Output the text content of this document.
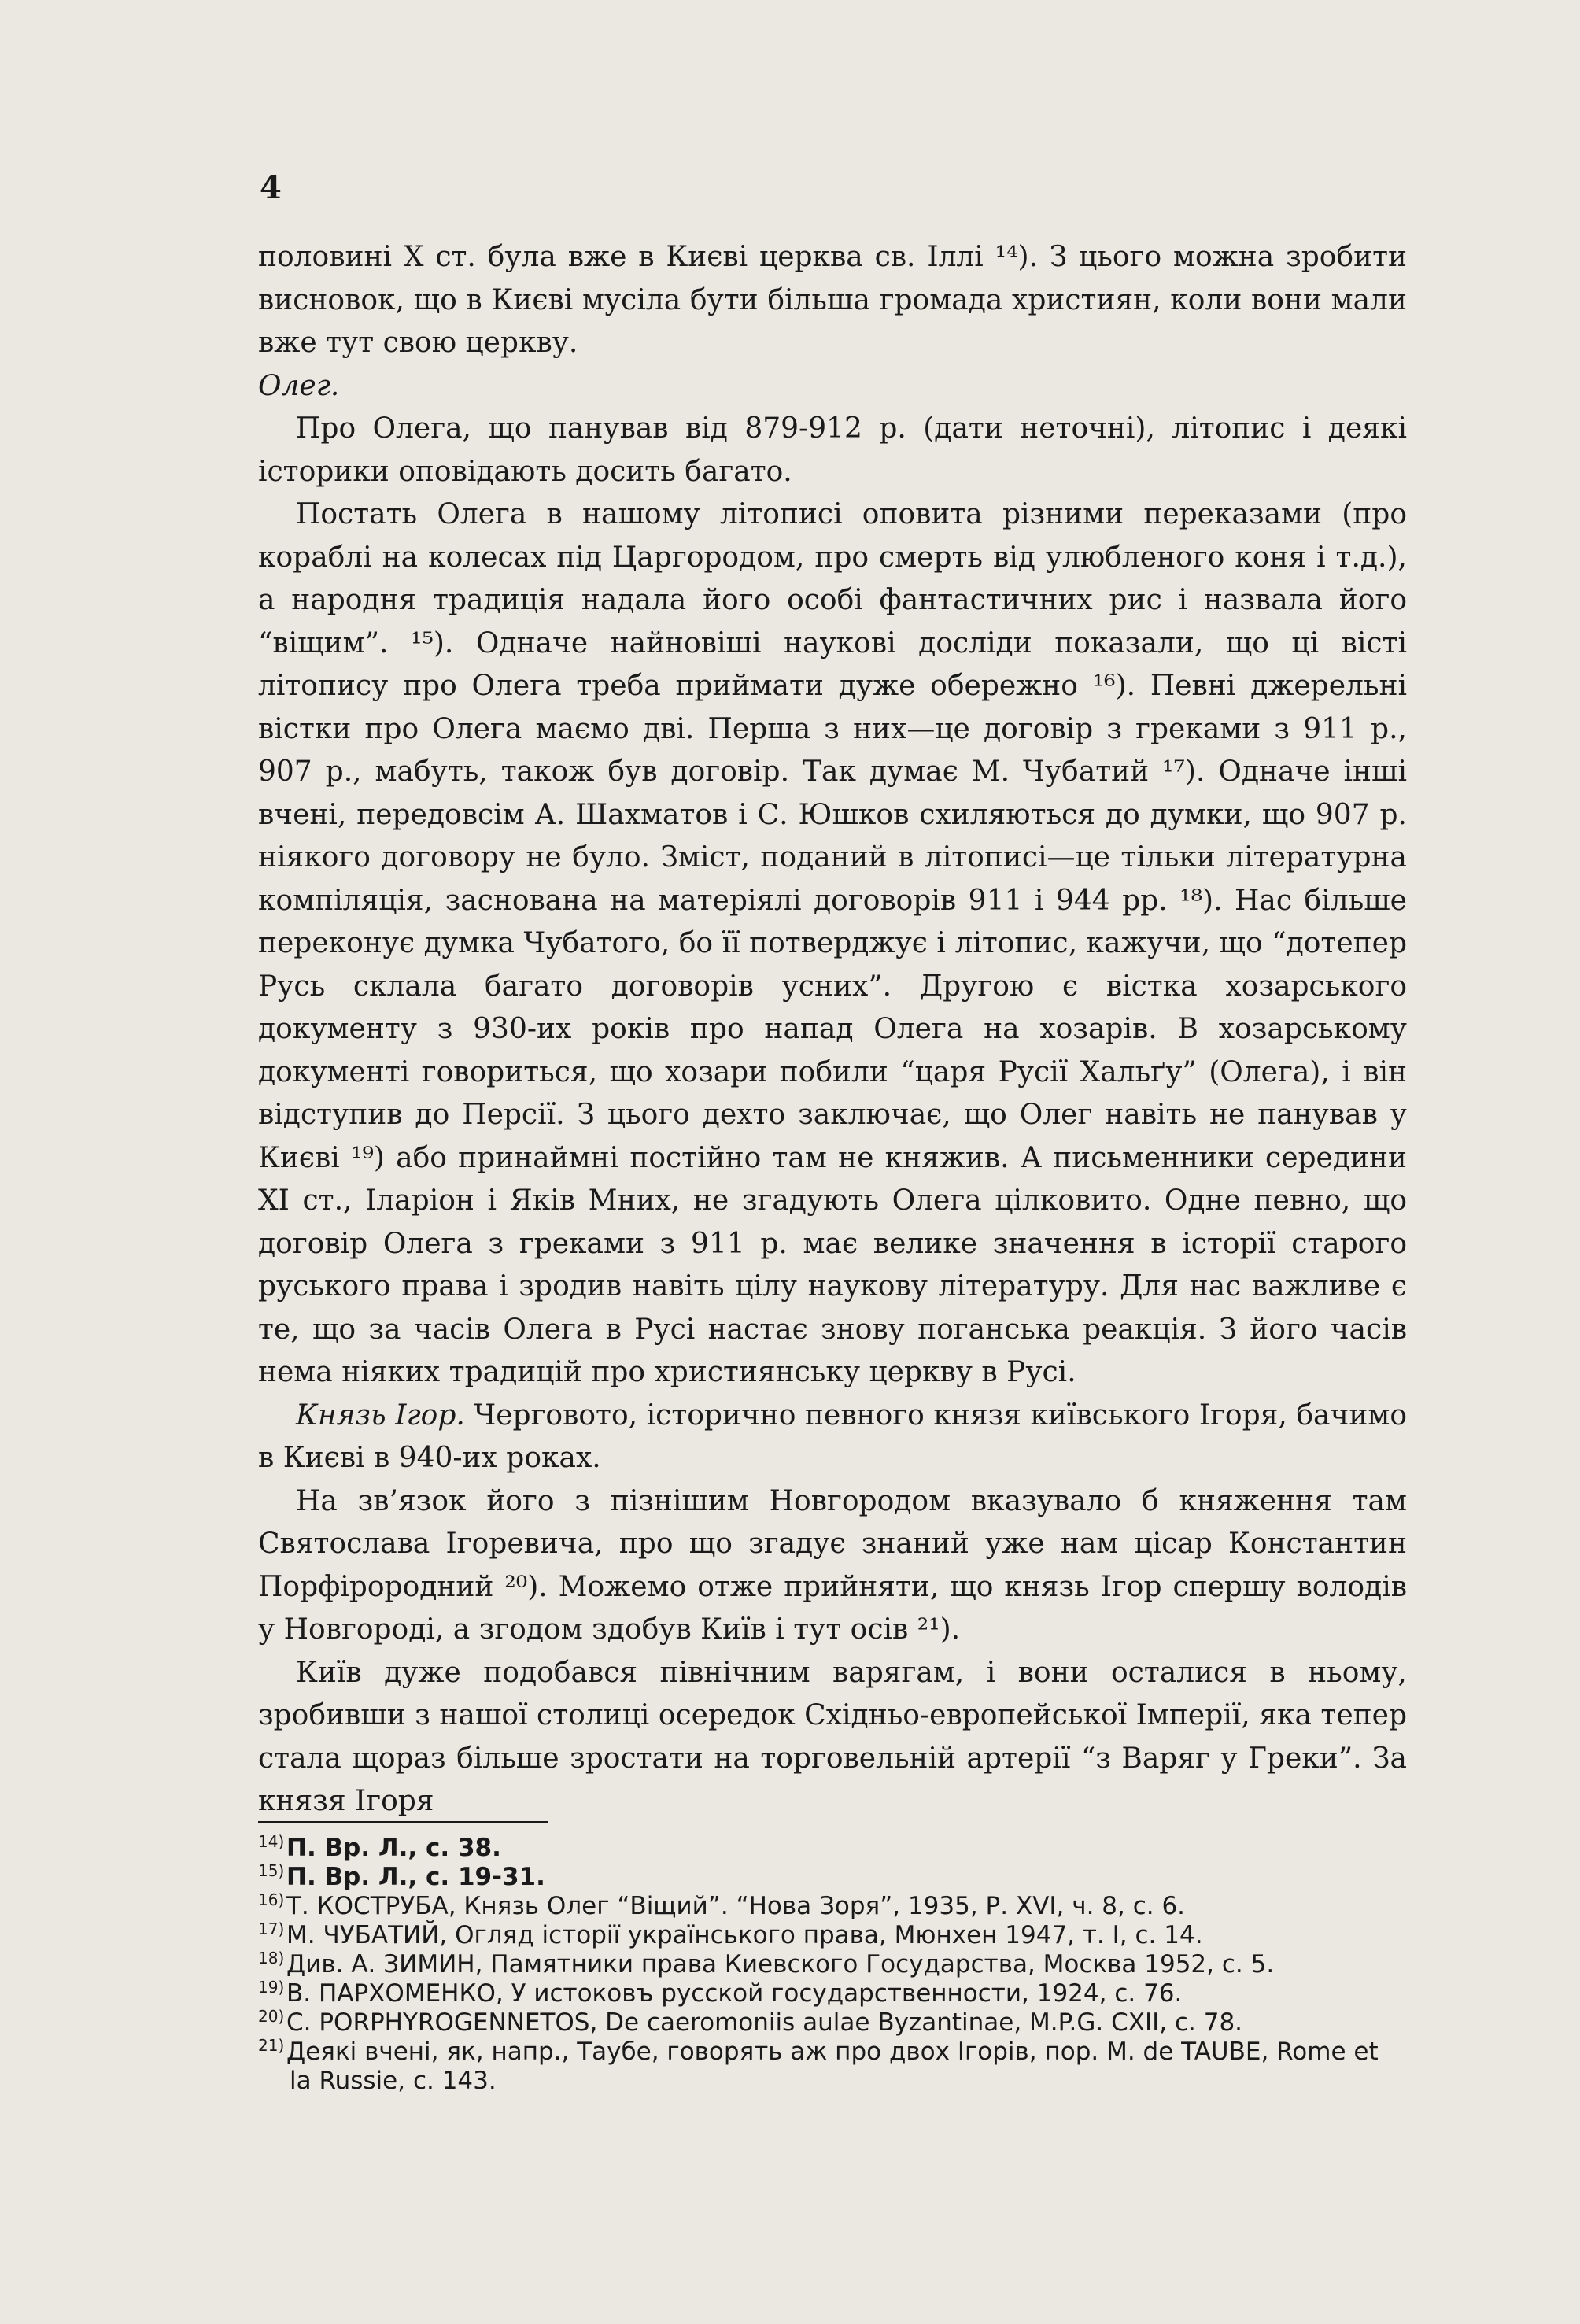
4

половині X ст. була вже в Києві церква св. Іллі ¹⁴). З цього можна зробити висновок, що в Києві мусіла бути більша громада християн, коли вони мали вже тут свою церкву.

Олег.

Про Олега, що панував від 879-912 р. (дати неточні), літопис і деякі історики оповідають досить багато.

Постать Олега в нашому літописі оповита різними переказами (про кораблі на колесах під Царгородом, про смерть від улюбленого коня і т.д.), а народня традиція надала його особі фантастичних рис і назвала його “віщим”. ¹⁵). Одначе найновіші наукові досліди показали, що ці вісті літопису про Олега треба приймати дуже обережно ¹⁶). Певні джерельні вістки про Олега маємо дві. Перша з них—це договір з греками з 911 р., 907 р., мабуть, також був договір. Так думає М. Чубатий ¹⁷). Одначе інші вчені, передовсім А. Шахматов і С. Юшков схиляються до думки, що 907 р. ніякого договору не було. Зміст, поданий в літописі—це тільки літературна компіляція, заснована на матеріялі договорів 911 і 944 рр. ¹⁸). Нас більше переконує думка Чубатого, бо її потверджує і літопис, кажучи, що “дотепер Русь склала багато договорів усних”. Другою є вістка хозарського документу з 930-их років про напад Олега на хозарів. В хозарському документі говориться, що хозари побили “царя Русії Хальґу” (Олега), і він відступив до Персії. З цього дехто заключає, що Олег навіть не панував у Києві ¹⁹) або принаймні постійно там не княжив. А письменники середини XI ст., Іларіон і Яків Мних, не згадують Олега цілковито. Одне певно, що договір Олега з греками з 911 р. має велике значення в історії старого руського права і зродив навіть цілу наукову літературу. Для нас важливе є те, що за часів Олега в Русі настає знову поганська реакція. З його часів нема ніяких традицій про християнську церкву в Русі.

Князь Ігор. Черговото, історично певного князя київського Ігоря, бачимо в Києві в 940-их роках.

На зв’язок його з пізнішим Новгородом вказувало б княження там Святослава Ігоревича, про що згадує знаний уже нам цісар Константин Порфірородний ²⁰). Можемо отже прийняти, що князь Ігор спершу володів у Новгороді, а згодом здобув Київ і тут осів ²¹).

Київ дуже подобався північним варягам, і вони осталися в ньому, зробивши з нашої столиці осередок Східньо-европейської Імперії, яка тепер стала щораз більше зростати на торговельній артерії “з Варяг у Греки”. За князя Ігоря

14)П. Вр. Л., с. 38.

15)П. Вр. Л., с. 19-31.

16)Т. КОСТРУБА, Князь Олег “Віщий”. “Нова Зоря”, 1935, Р. XVI, ч. 8, с. 6.

17)М. ЧУБАТИЙ, Огляд історії українського права, Мюнхен 1947, т. I, с. 14.

18)Див. А. ЗИМИН, Памятники права Киевского Государства, Москва 1952, с. 5.

19)В. ПАРХОМЕНКО, У истоковъ русской государственности, 1924, с. 76.

20)C. PORPHYROGENNETOS, De caeromoniis aulae Byzantinae, M.P.G. CXII, с. 78.

21)Деякі вчені, як, напр., Таубе, говорять аж про двох Ігорів, пор. M. de TAUBE, Rome et la Russie, с. 143.
